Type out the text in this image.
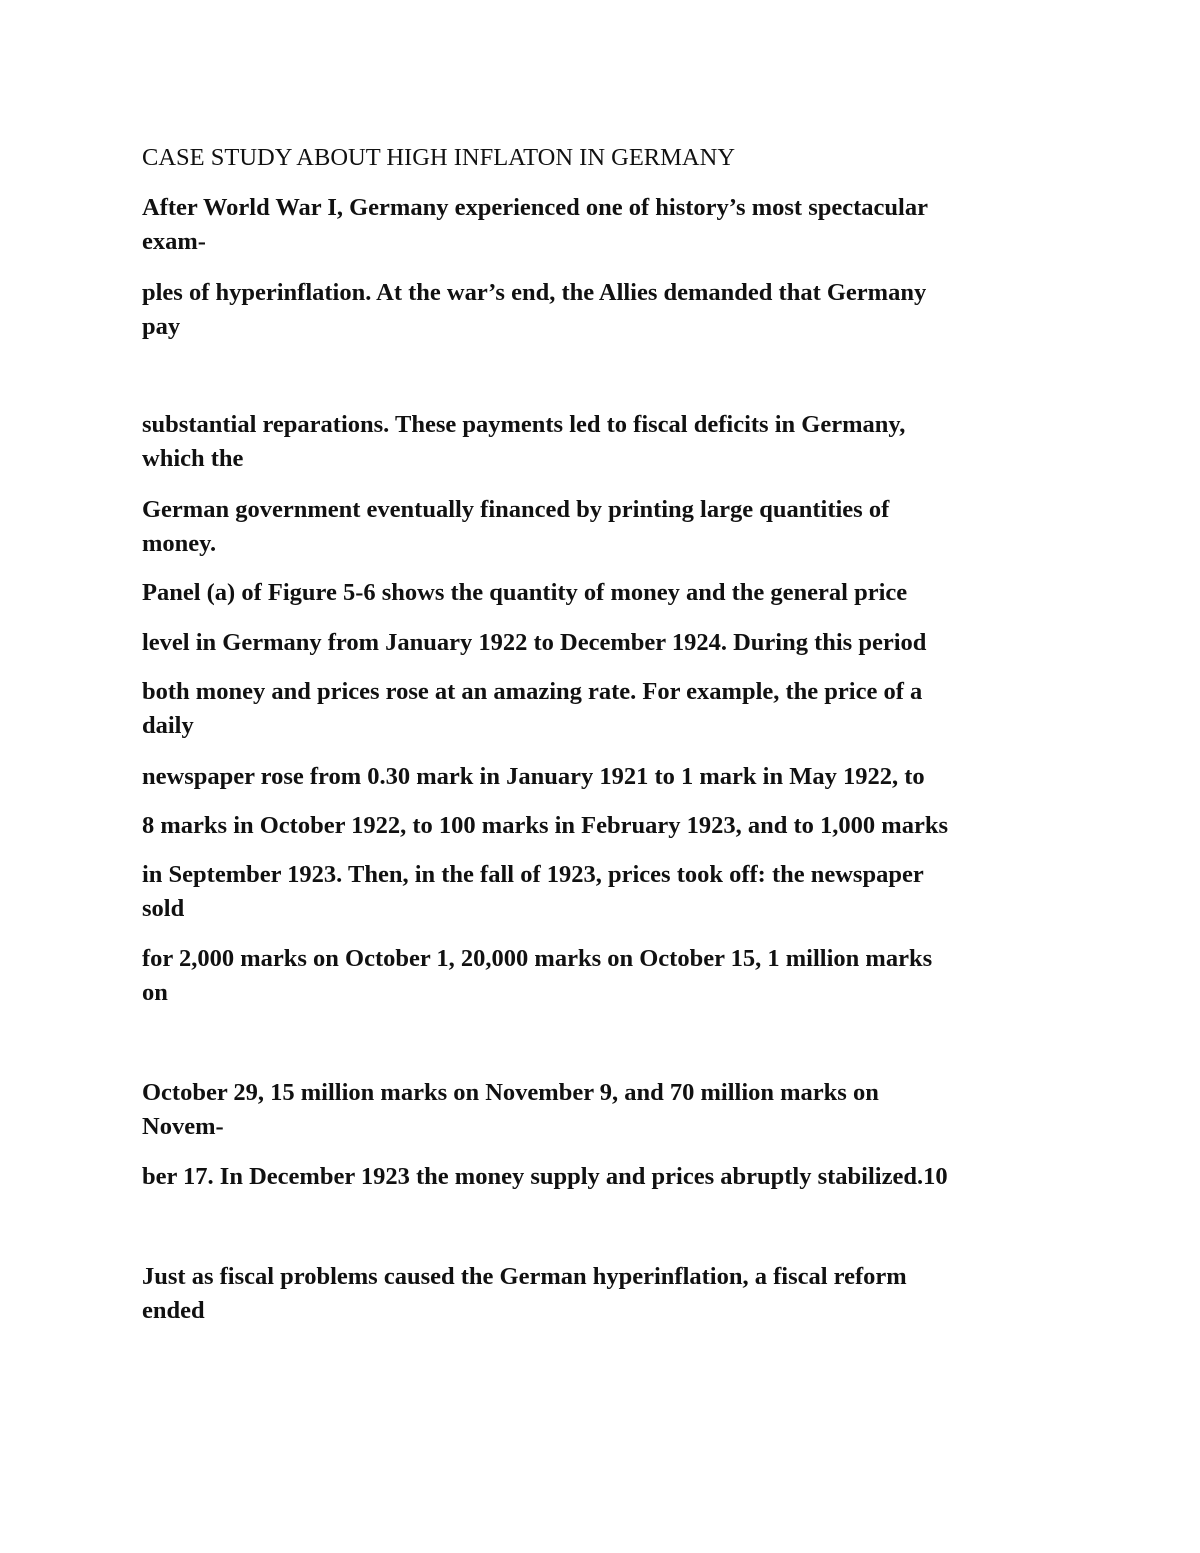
CASE STUDY ABOUT HIGH INFLATON IN GERMANY
After World War I, Germany experienced one of history’s most spectacular
exam-
ples of hyperinflation. At the war’s end, the Allies demanded that Germany
pay
substantial reparations. These payments led to fiscal deficits in Germany,
which the
German government eventually financed by printing large quantities of
money.
Panel (a) of Figure 5-6 shows the quantity of money and the general price
level in Germany from January 1922 to December 1924. During this period
both money and prices rose at an amazing rate. For example, the price of a
daily
newspaper rose from 0.30 mark in January 1921 to 1 mark in May 1922, to
8 marks in October 1922, to 100 marks in February 1923, and to 1,000 marks
in September 1923. Then, in the fall of 1923, prices took off: the newspaper
sold
for 2,000 marks on October 1, 20,000 marks on October 15, 1 million marks
on
October 29, 15 million marks on November 9, and 70 million marks on
Novem-
ber 17. In December 1923 the money supply and prices abruptly stabilized.10
Just as fiscal problems caused the German hyperinflation, a fiscal reform
ended
